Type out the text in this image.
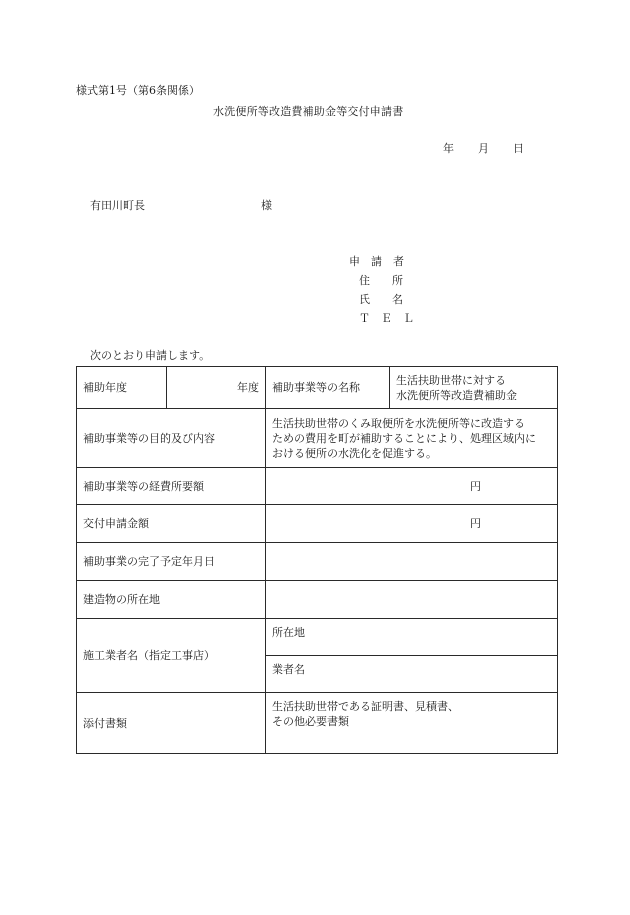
様式第1号（第6条関係）
水洗便所等改造費補助金等交付申請書
年 月 日
有田川町長	様
申　請　者
住　　所
氏　　名
Ｔ　Ｅ　Ｌ
次のとおり申請します。
補助年度	年度	補助事業等の名称	生活扶助世帯に対する
水洗便所等改造費補助金

補助事業等の目的及び内容		生活扶助世帯のくみ取便所を水洗便所等に改造する
ための費用を町が補助することにより、処理区域内に
おける便所の水洗化を促進する。	

補助事業等の経費所要額		円	
交付申請金額		円	
補助事業の完了予定年月日			
建造物の所在地			
施工業者名（指定工事店）		所在地	
		業者名	
添付書類		生活扶助世帯である証明書、見積書、
その他必要書類	
